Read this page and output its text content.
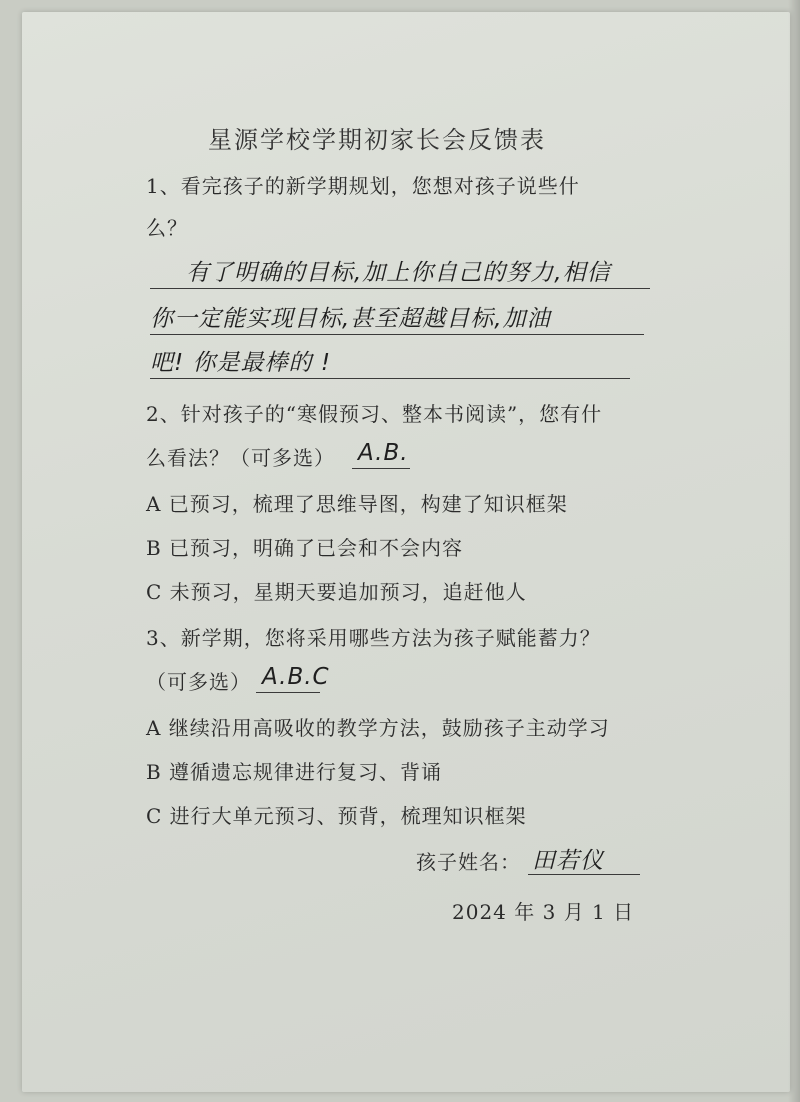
星源学校学期初家长会反馈表
1、看完孩子的新学期规划，您想对孩子说些什
么？
有了明确的目标,加上你自己的努力,相信
你一定能实现目标,甚至超越目标,加油
吧! 你是最棒的 !
2、针对孩子的“寒假预习、整本书阅读”，您有什
么看法？（可多选） A.B.
A 已预习，梳理了思维导图，构建了知识框架
B 已预习，明确了已会和不会内容
C 未预习，星期天要追加预习，追赶他人
3、新学期，您将采用哪些方法为孩子赋能蓄力？
（可多选） A.B.C
A 继续沿用高吸收的教学方法，鼓励孩子主动学习
B 遵循遗忘规律进行复习、背诵
C 进行大单元预习、预背，梳理知识框架
孩子姓名： 田若仪
2024 年 3 月 1 日
